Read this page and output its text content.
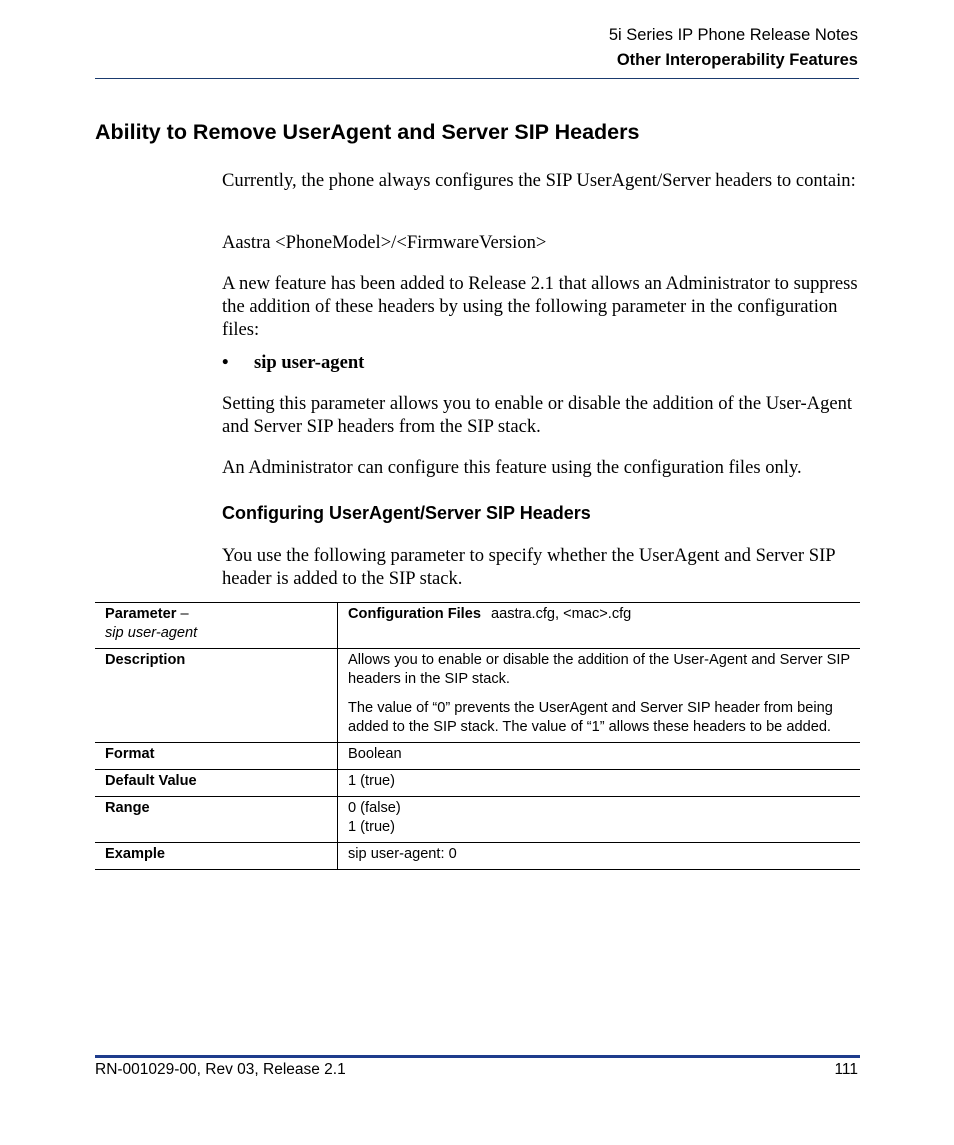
5i Series IP Phone Release Notes
Other Interoperability Features
Ability to Remove UserAgent and Server SIP Headers

Currently, the phone always configures the SIP UserAgent/Server headers to contain:

Aastra <PhoneModel>/<FirmwareVersion>

A new feature has been added to Release 2.1 that allows an Administrator to suppress the addition of these headers by using the following parameter in the configuration files:

• sip user-agent

Setting this parameter allows you to enable or disable the addition of the User-Agent and Server SIP headers from the SIP stack.

An Administrator can configure this feature using the configuration files only.

Configuring UserAgent/Server SIP Headers

You use the following parameter to specify whether the UserAgent and Server SIP header is added to the SIP stack.

Parameter –
sip user-agent	Configuration Files aastra.cfg, <mac>.cfg
Description	Allows you to enable or disable the addition of the User-Agent and Server SIP headers in the SIP stack.

The value of “0” prevents the UserAgent and Server SIP header from being added to the SIP stack. The value of “1” allows these headers to be added.

Format	Boolean
Default Value	1 (true)
Range	0 (false)
1 (true)
Example	sip user-agent: 0
RN-001029-00, Rev 03, Release 2.1	111
